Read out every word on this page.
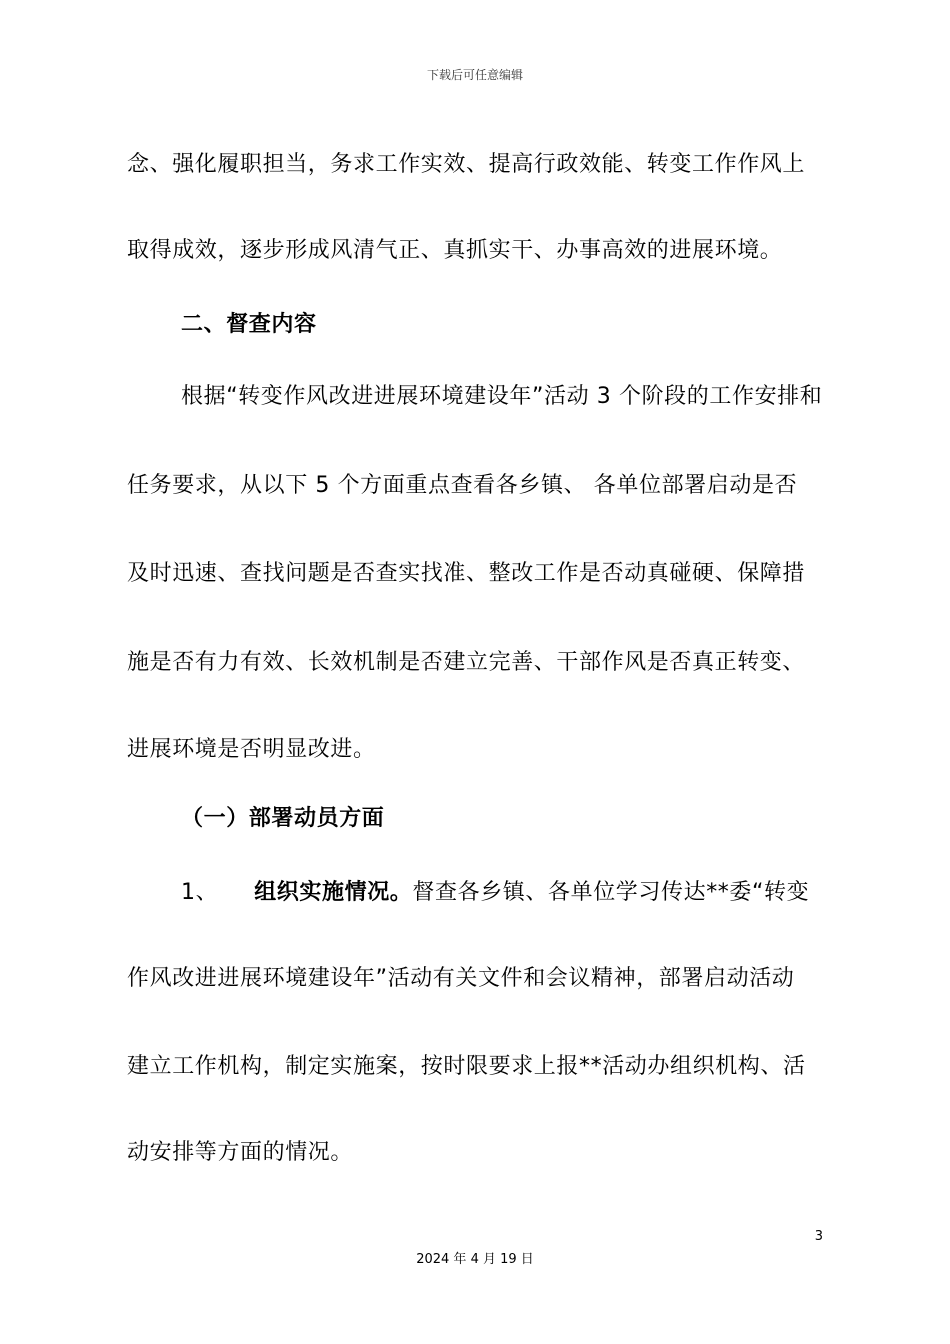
下载后可任意编辑
念、强化履职担当，务求工作实效、提高行政效能、转变工作作风上
取得成效，逐步形成风清气正、真抓实干、办事高效的进展环境。
二、督查内容
根据“转变作风改进进展环境建设年”活动 3 个阶段的工作安排和
任务要求，从以下 5 个方面重点查看各乡镇、 各单位部署启动是否
及时迅速、查找问题是否查实找准、整改工作是否动真碰硬、保障措
施是否有力有效、长效机制是否建立完善、干部作风是否真正转变、
进展环境是否明显改进。
（一）部署动员方面
1、 组织实施情况。督查各乡镇、各单位学习传达**委“转变
作风改进进展环境建设年”活动有关文件和会议精神，部署启动活动
建立工作机构，制定实施案，按时限要求上报**活动办组织机构、活
动安排等方面的情况。
3
2024 年 4 月 19 日
